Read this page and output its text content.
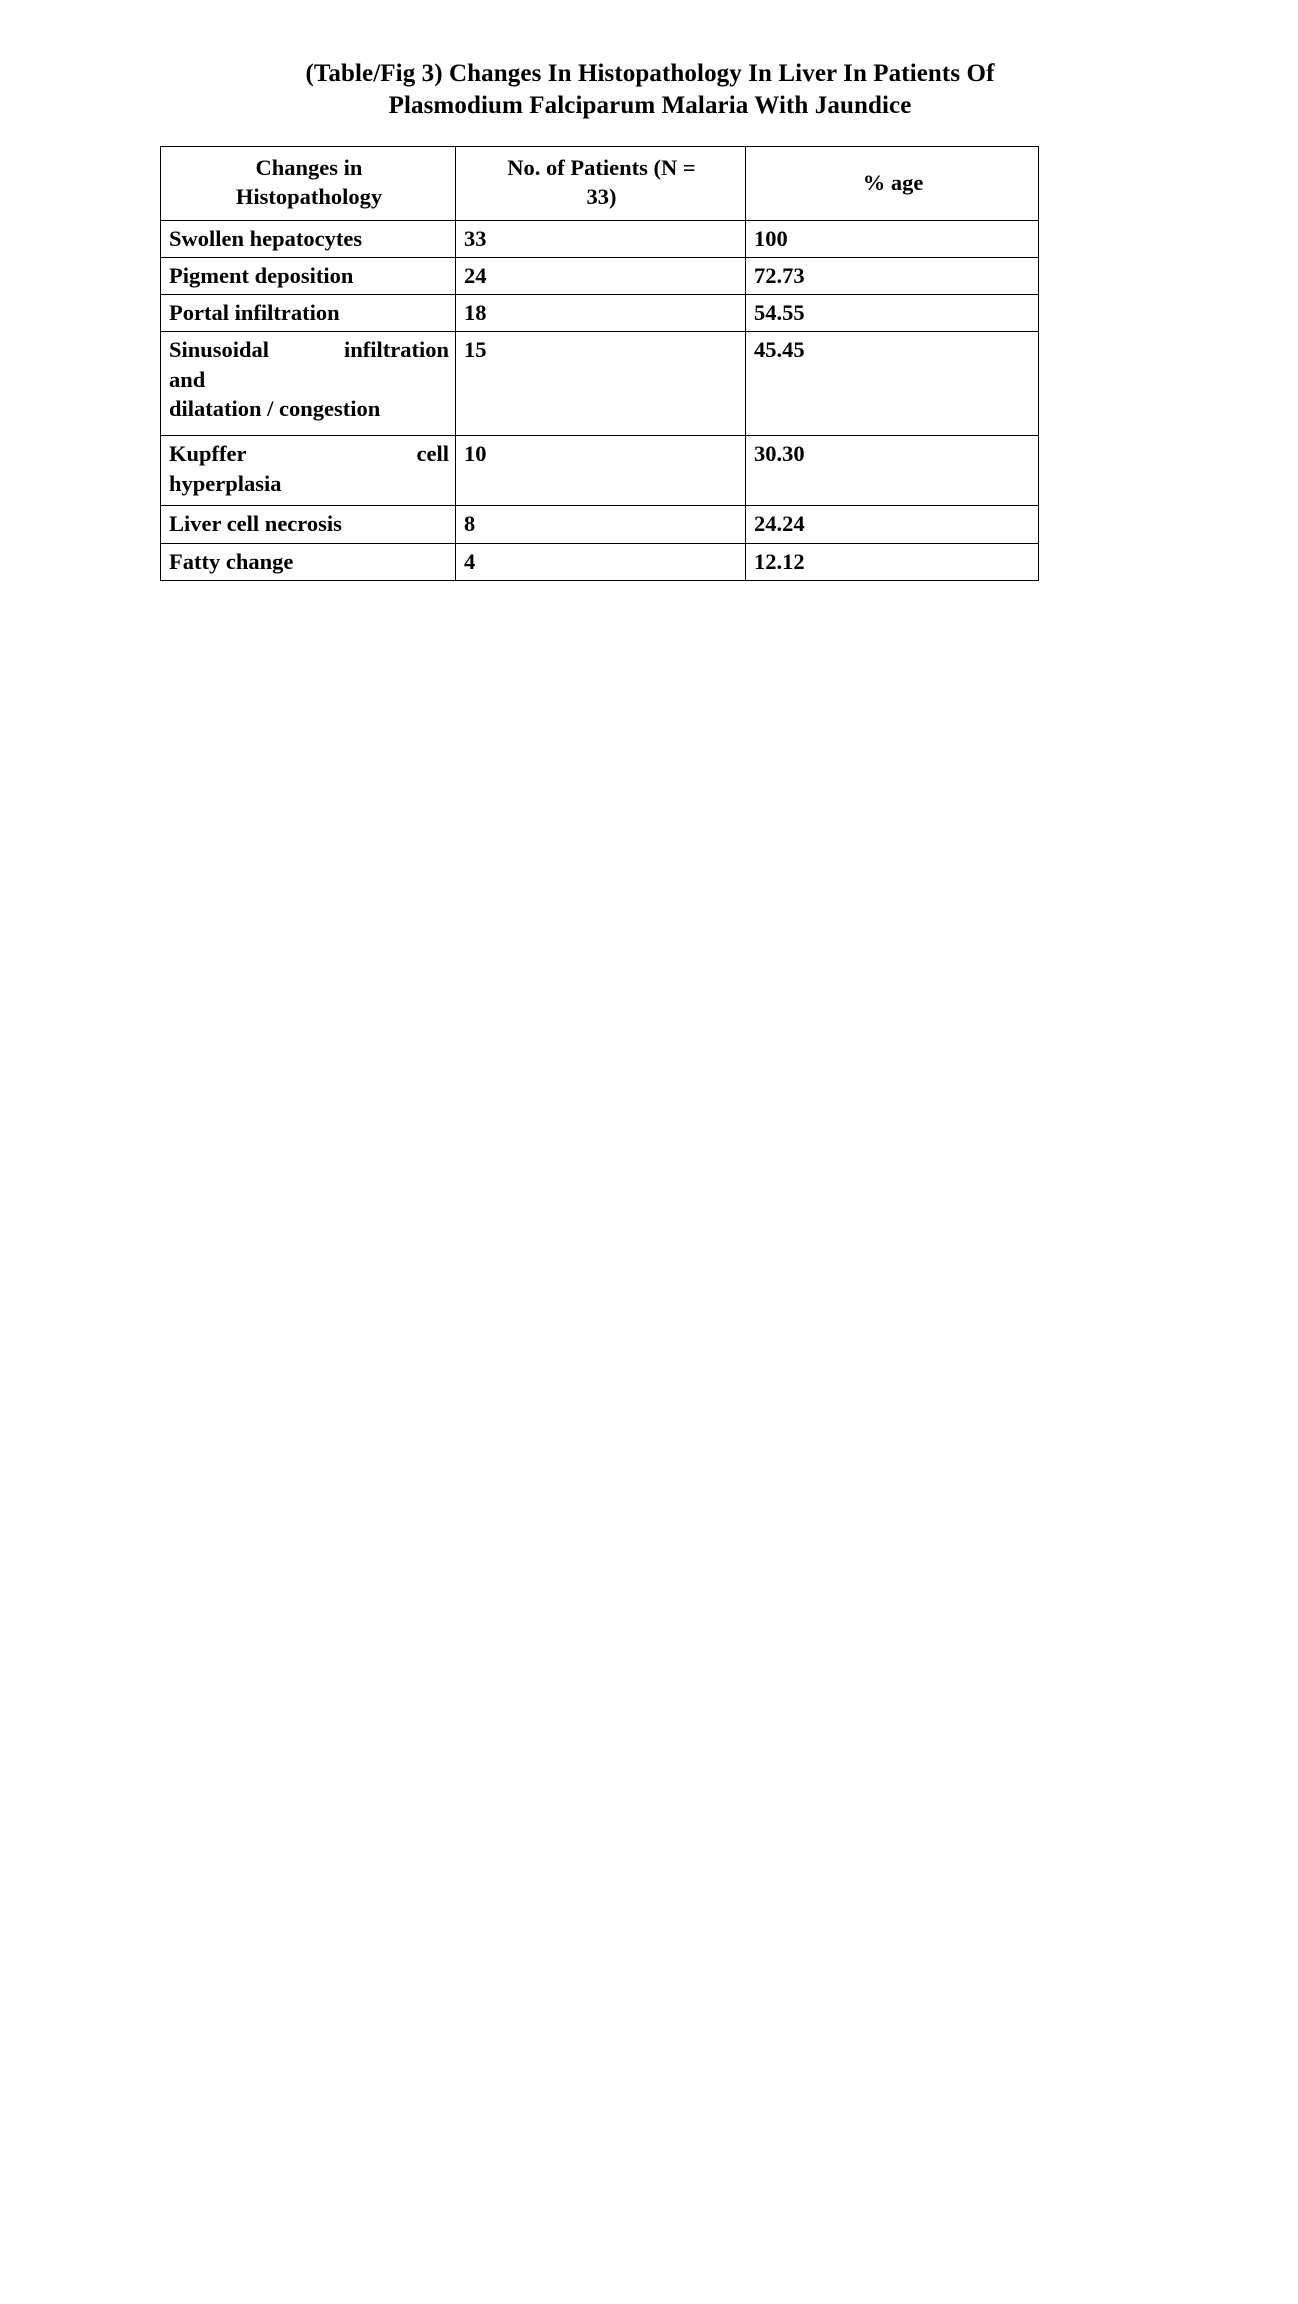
(Table/Fig 3) Changes In Histopathology In Liver In Patients Of
Plasmodium Falciparum Malaria With Jaundice
Changes in
Histopathology	No. of Patients (N =
33)	% age
Swollen hepatocytes	33	100
Pigment deposition	24	72.73
Portal infiltration	18	54.55

Sinusoidal infiltration
and
dilatation / congestion	15	45.45

Kupffer cell
hyperplasia	10	30.30
Liver cell necrosis	8	24.24
Fatty change	4	12.12
